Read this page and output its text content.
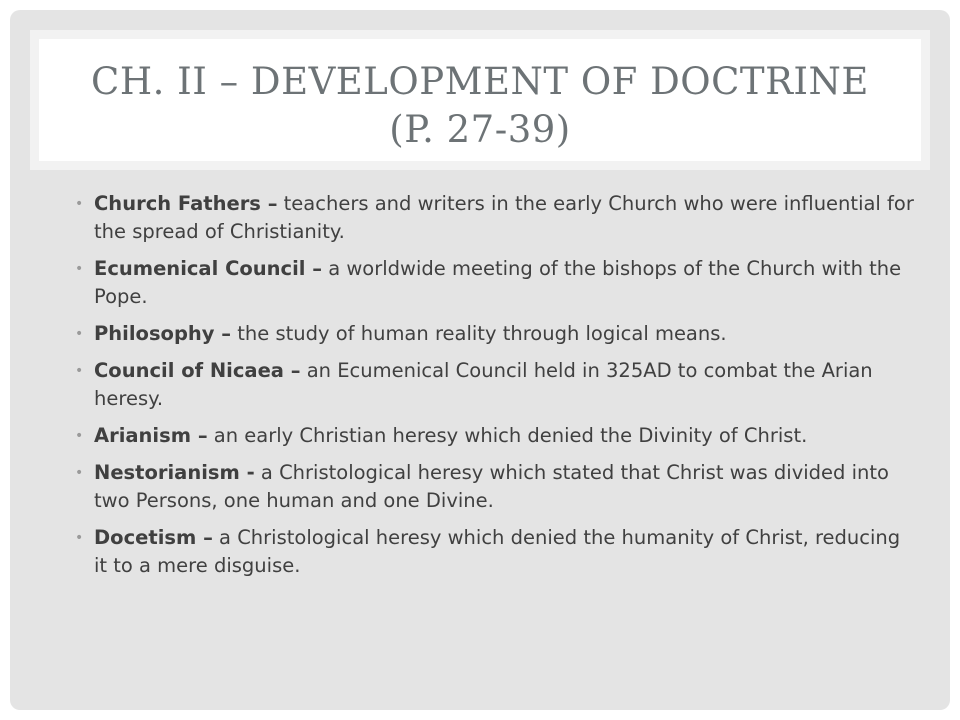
CH. II – DEVELOPMENT OF DOCTRINE
(P. 27-39)
• Church Fathers – teachers and writers in the early Church who were influential for the spread of Christianity.
• Ecumenical Council – a worldwide meeting of the bishops of the Church with the Pope.
• Philosophy – the study of human reality through logical means.
• Council of Nicaea – an Ecumenical Council held in 325AD to combat the Arian heresy.
• Arianism – an early Christian heresy which denied the Divinity of Christ.
• Nestorianism - a Christological heresy which stated that Christ was divided into two Persons, one human and one Divine.
• Docetism – a Christological heresy which denied the humanity of Christ, reducing it to a mere disguise.
